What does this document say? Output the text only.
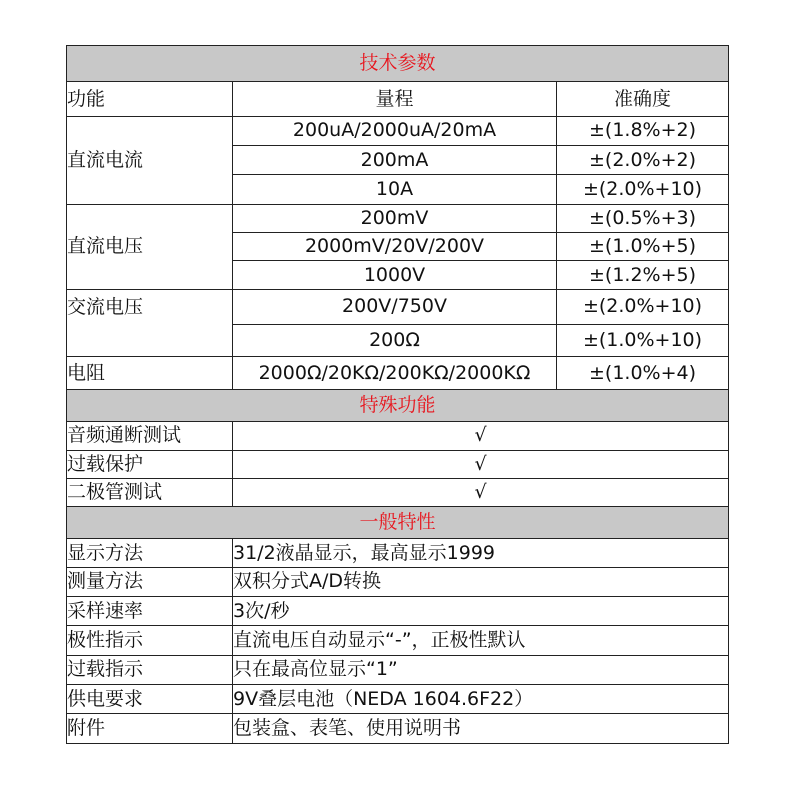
技术参数		
功能	量程	准确度
直流电流	200uA/2000uA/20mA	±(1.8%+2)
	200mA	±(2.0%+2)
	10A	±(2.0%+10)
直流电压	200mV	±(0.5%+3)
	2000mV/20V/200V	±(1.0%+5)
	1000V	±(1.2%+5)
交流电压	200V/750V	±(2.0%+10)
	200Ω	±(1.0%+10)
电阻	2000Ω/20KΩ/200KΩ/2000KΩ	±(1.0%+4)
特殊功能		
音频通断测试	√	
过载保护	√	
二极管测试	√	
一般特性		
显示方法	31/2液晶显示，最高显示1999	
测量方法	双积分式A/D转换	
采样速率	3次/秒	
极性指示	直流电压自动显示“-”，正极性默认	
过载指示	只在最高位显示“1”	
供电要求	9V叠层电池（NEDA 1604.6F22）	
附件	包装盒、表笔、使用说明书	
